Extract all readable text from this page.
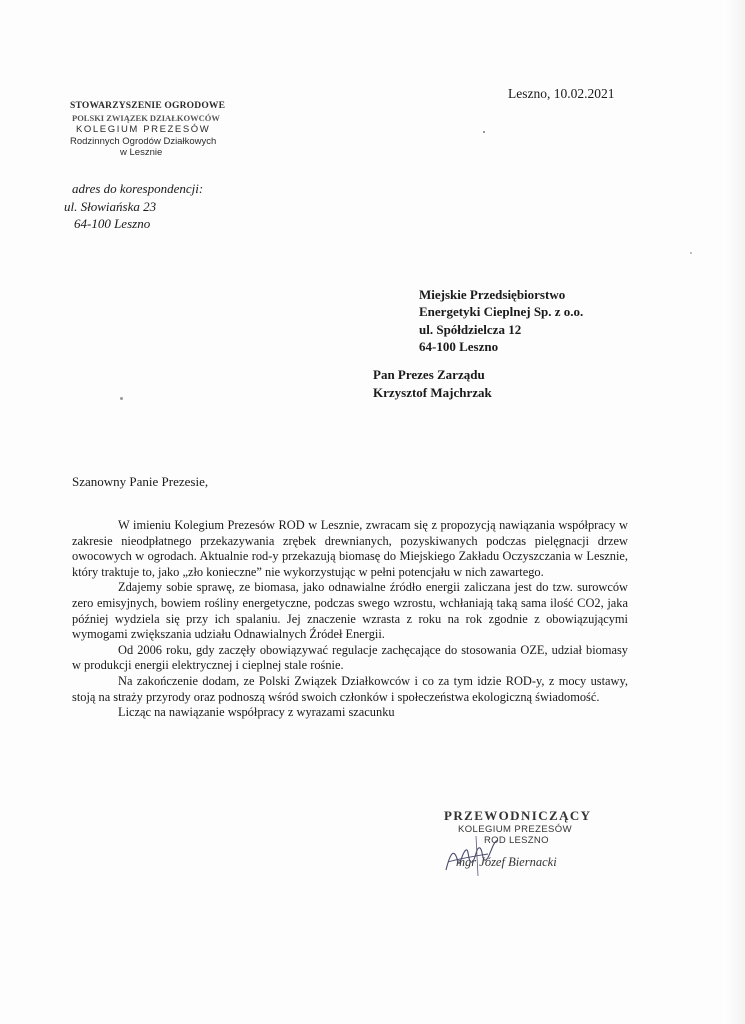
Leszno, 10.02.2021
STOWARZYSZENIE OGRODOWE
POLSKI ZWIĄZEK DZIAŁKOWCÓW
KOLEGIUM PREZESÓW
Rodzinnych Ogrodów Działkowych
w Lesznie
adres do korespondencji:
ul. Słowiańska 23
64-100 Leszno
Miejskie Przedsiębiorstwo
Energetyki Cieplnej Sp. z o.o.
ul. Spółdzielcza 12
64-100 Leszno
Pan Prezes Zarządu
Krzysztof Majchrzak
Szanowny Panie Prezesie,

W imieniu Kolegium Prezesów ROD w Lesznie, zwracam się z propozycją nawiązania współpracy w zakresie nieodpłatnego przekazywania zrębek drewnianych, pozyskiwanych podczas pielęgnacji drzew owocowych w ogrodach. Aktualnie rod-y przekazują biomasę do Miejskiego Zakładu Oczyszczania w Lesznie, który traktuje to, jako „zło konieczne” nie wykorzystując w pełni potencjału w nich zawartego.

Zdajemy sobie sprawę, ze biomasa, jako odnawialne źródło energii zaliczana jest do tzw. surowców zero emisyjnych, bowiem rośliny energetyczne, podczas swego wzrostu, wchłaniają taką sama ilość CO2, jaka później wydziela się przy ich spalaniu. Jej znaczenie wzrasta z roku na rok zgodnie z obowiązującymi wymogami zwiększania udziału Odnawialnych Źródeł Energii.

Od 2006 roku, gdy zaczęły obowiązywać regulacje zachęcające do stosowania OZE, udział biomasy w produkcji energii elektrycznej i cieplnej stale rośnie.

Na zakończenie dodam, ze Polski Związek Działkowców i co za tym idzie ROD-y, z mocy ustawy, stoją na straży przyrody oraz podnoszą wśród swoich członków i społeczeństwa ekologiczną świadomość.

Licząc na nawiązanie współpracy z wyrazami szacunku

PRZEWODNICZĄCY
KOLEGIUM PREZESÓW
ROD LESZNO
mgr Józef Biernacki
